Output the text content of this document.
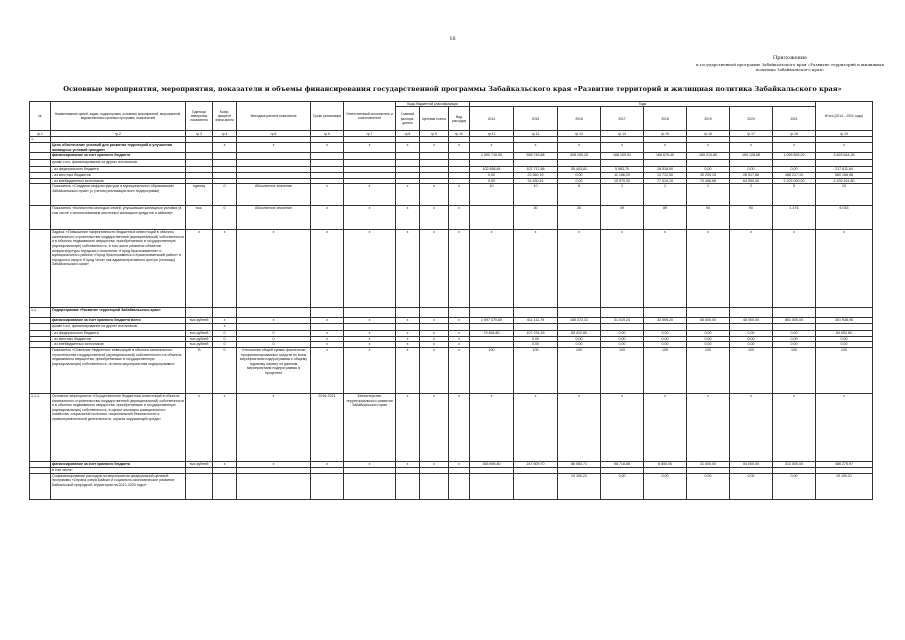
16
Приложение
к государственной программе Забайкальского края «Развитие территорий и жилищная
политика Забайкальского края»
Основные мероприятия, мероприятия, показатели и объемы финансирования государственной программы Забайкальского края «Развитие территорий и жилищная политика Забайкальского края»
№	Наименование целей, задач, подпрограмм, основных мероприятий, мероприятий, ведомственных целевых программ, показателей	Единица измерения показателя	Коэф-фициент значи-мости	Методика расчета показателя	Сроки реализации	Ответственный исполнитель и соисполнители	Коды бюджетной классификации			Годы								Итого (2014 – 2021 годы)
							Главный распоря-дитель	Целевая статья	Вид расходов	2014	2015	2016	2017	2018	2019	2020	2021	
гр.1	гр.2	гр.3	гр.4	гр.5	гр.6	гр.7	гр.8	гр.9	гр.10	гр.11	гр.12	гр.13	гр.14	гр.15	гр.16	гр.17	гр.18	гр.19
1.																		
	Цель обеспечение условий для развития территорий и улучшения жилищных условий граждан»		x	x	x	x	x	x	x	x	x	x	x	x	x	x	x	x
	финансирование за счет краевого бюджета									1 090 718,50	596 745,88	308 199,25	168 109,51	166 679,40	165 210,80	169 128,68	1 099 893,20	3 829 644,26
	кроме того, финансирование из других источников:																	
	- из федерального бюджета									102 658,84	107 717,88	55 443,81	5 983,70	16 518,90	0,00	0,00	0,00	217 811,84
	- из местных бюджетов									0,00	23 360,19	0,00	11 186,20	13 712,50	30 209,15	28 517,88	486 217,19	580 158,98
	- из внебюджетных источников									0,00	31 630,51	0,00	15 575,30	77 519,19	70 496,68	64 550,06	2 203 000,00	2 439 161,80
	Показатель «Создание инфраструктуры в муниципальных образованиях Забайкальского края» (с учетом реализации всех подпрограмм)	единиц	0	Абсолютное значение	x	x	x	x	x	10	10	5	1	1	1	2	5	10
	Показатель «Количество молодых семей, улучшивших жилищные условия (в том числе с использованием ипотечных жилищных кредитов и займов)»	тыс.	0	Абсолютное значение	x	x	x	x	x		30	26	49	89	94	90	1 476	6 015
	Задача: «Повышение эффективности бюджетных инвестиций в объекты капитального строительства государственной (муниципальной) собственности и в объекты недвижимого имущества, приобретаемые в государственную (муниципальную) собственность, в том числе развития объектов инфраструктуры городского поселения «Город Краснокаменск» и муниципального района «Город Краснокаменск и Краснокаменский район» и городского округа «Город Чита» как административного центра (столицы) Забайкальского края»	x	x	x	x	x	x	x	x	x	x	x	x	x	x	x	x	x
1.1.	Подпрограмма «Развитие территорий Забайкальского края»																	
	финансирование за счет краевого бюджета всего	тыс.рублей	x	x	x	x	x	x	x	1 097 470,80	411 111,79	165 072,31	31 019,24	33 559,20	65 000,00	48 000,00	861 000,00	301 938,95
	кроме того, финансирование из других источников:		x															
	- из федерального бюджета	тыс.рублей	0	0	x	x	x	x	x	79 464,80	107 234,39	85 412,80	0,00	0,00	0,00	0,00	0,00	84 652,80
	- из местных бюджетов	тыс.рублей	0	0	x	x	x	x	x		0,00	0,00	0,00	0,00	0,00	0,00	0,00	0,00
	- из внебюджетных источников	тыс.рублей	0	0	x	x	x	x	x		0,00	0,00	0,00	0,00	0,00	0,00	0,00	0,00
	Показатель «Освоение бюджетных инвестиций в объекты капитального строительства государственной (муниципальной) собственности и в объекты недвижимого имущества, приобретаемые в государственную (муниципальную) собственность, по всем мероприятиям подпрограммы»	%	0	Отношение общей суммы фактически профинансированных средств по всем мероприятиям подпрограммы к общему годовому лимиту по данным мероприятиям подпрограммы в процентах	x	x	x	x	x	100	100	100	100	100	100	100	100	100
1.1.1.	Основное мероприятие «Осуществление бюджетных инвестиций в объекты капитального строительства государственной (муниципальной) собственности и в объекты недвижимого имущества, приобретаемые в государственную (муниципальную) собственность, в сфере жилищно-коммунального хозяйства, социальной политики, национальной безопасности и правоохранительной деятельности, охраны окружающей среды»	x	x	x	2016-2021	Министерство территориального развития Забайкальского края	x	x	x	x	x	x	x	x	x	x	x	x
	финансирование за счет краевого бюджета	тыс.рублей	x	x	x	x	x	x	x	365 896,80	247 609,70	86 083,71	98 718,86	8 850,00	31 000,00	54 000,00	313 000,00	486 275,97
	в том числе:																	
	Софинансирование расходов на мероприятия федеральной целевой программы «Охрана озера Байкал и социально-экономическое развитие Байкальской природной территории на 2012-2020 годы»											19 190,21	0,00	0,00	0,00	0,00	0,00	19 190,21
